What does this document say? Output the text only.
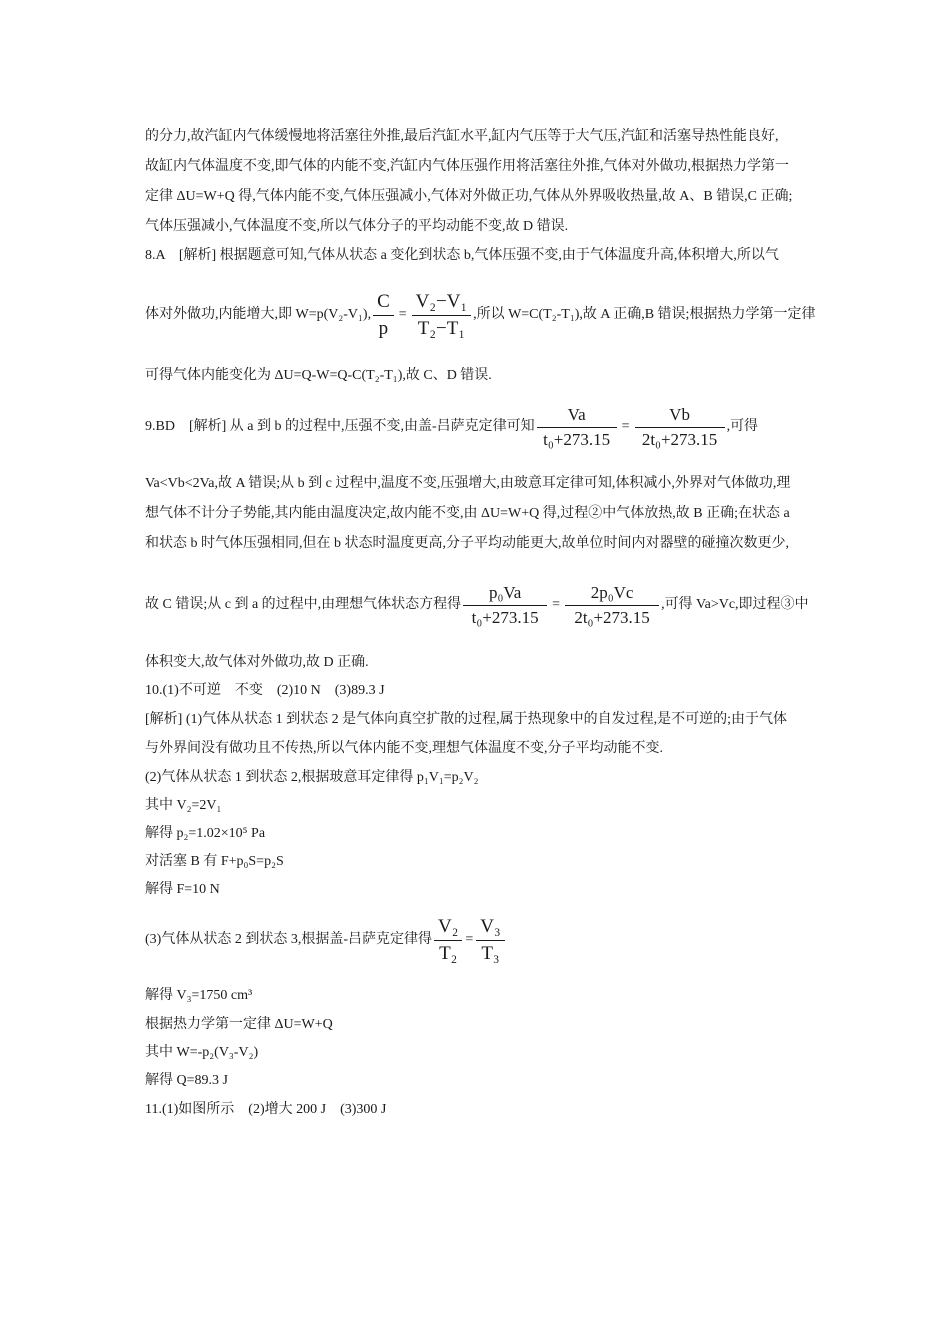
的分力,故汽缸内气体缓慢地将活塞往外推,最后汽缸水平,缸内气压等于大气压,汽缸和活塞导热性能良好,
故缸内气体温度不变,即气体的内能不变,汽缸内气体压强作用将活塞往外推,气体对外做功,根据热力学第一
定律 ΔU=W+Q 得,气体内能不变,气体压强减小,气体对外做正功,气体从外界吸收热量,故 A、B 错误,C 正确;
气体压强减小,气体温度不变,所以气体分子的平均动能不变,故 D 错误.
8.A　[解析] 根据题意可知,气体从状态 a 变化到状态 b,气体压强不变,由于气体温度升高,体积增大,所以气
体对外做功,内能增大,即 W=p(V₂-V₁), $\frac{C}{p} = \frac{\text{V₂−V₁}}{\text{T₂−T₁}}$ ,所以 W=C(T₂-T₁),故 A 正确,B 错误;根据热力学第一定律
可得气体内能变化为 ΔU=Q-W=Q-C(T₂-T₁),故 C、D 错误.
9.BD　[解析] 从 a 到 b 的过程中,压强不变,由盖-吕萨克定律可知 $\frac{Va}{\text{t₀+273.15}} = \frac{Vb}{\text{2t₀+273.15}}$ ,可得
Va<Vb<2Va,故 A 错误;从 b 到 c 过程中,温度不变,压强增大,由玻意耳定律可知,体积减小,外界对气体做功,理
想气体不计分子势能,其内能由温度决定,故内能不变,由 ΔU=W+Q 得,过程②中气体放热,故 B 正确;在状态 a
和状态 b 时气体压强相同,但在 b 状态时温度更高,分子平均动能更大,故单位时间内对器壁的碰撞次数更少,
故 C 错误;从 c 到 a 的过程中,由理想气体状态方程得 $\frac{\text{p₀Va}}{\text{t₀+273.15}} = \frac{\text{2p₀Vc}}{\text{2t₀+273.15}}$ ,可得 Va>Vc,即过程③中
体积变大,故气体对外做功,故 D 正确.
10.(1)不可逆　不变　(2)10 N　(3)89.3 J
[解析] (1)气体从状态 1 到状态 2 是气体向真空扩散的过程,属于热现象中的自发过程,是不可逆的;由于气体
与外界间没有做功且不传热,所以气体内能不变,理想气体温度不变,分子平均动能不变.
(2)气体从状态 1 到状态 2,根据玻意耳定律得 p₁V₁=p₂V₂
其中 V₂=2V₁
解得 p₂=1.02×10⁵ Pa
对活塞 B 有 F+p₀S=p₂S
解得 F=10 N
(3)气体从状态 2 到状态 3,根据盖-吕萨克定律得 $\frac{\text{V₂}}{\text{T₂}} = \frac{\text{V₃}}{\text{T₃}}$
解得 V₃=1750 cm³
根据热力学第一定律 ΔU=W+Q
其中 W=-p₂(V₃-V₂)
解得 Q=89.3 J
11.(1)如图所示　(2)增大 200 J　(3)300 J
